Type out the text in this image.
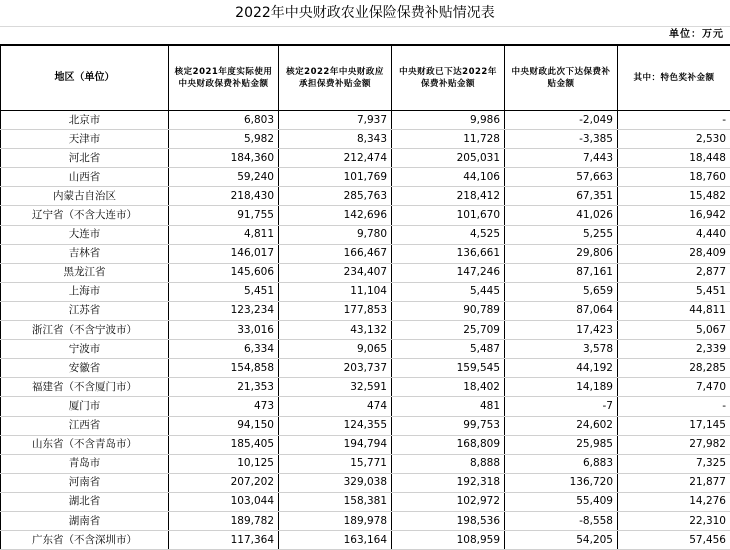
2022年中央财政农业保险保费补贴情况表
单位：万元
地区（单位）	核定2021年度实际使用中央财政保费补贴金额	核定2022年中央财政应承担保费补贴金额	中央财政已下达2022年保费补贴金额	中央财政此次下达保费补贴金额	其中：特色奖补金额
北京市	6,803	7,937	9,986	-2,049	-
天津市	5,982	8,343	11,728	-3,385	2,530
河北省	184,360	212,474	205,031	7,443	18,448
山西省	59,240	101,769	44,106	57,663	18,760
内蒙古自治区	218,430	285,763	218,412	67,351	15,482
辽宁省（不含大连市）	91,755	142,696	101,670	41,026	16,942
大连市	4,811	9,780	4,525	5,255	4,440
吉林省	146,017	166,467	136,661	29,806	28,409
黑龙江省	145,606	234,407	147,246	87,161	2,877
上海市	5,451	11,104	5,445	5,659	5,451
江苏省	123,234	177,853	90,789	87,064	44,811
浙江省（不含宁波市）	33,016	43,132	25,709	17,423	5,067
宁波市	6,334	9,065	5,487	3,578	2,339
安徽省	154,858	203,737	159,545	44,192	28,285
福建省（不含厦门市）	21,353	32,591	18,402	14,189	7,470
厦门市	473	474	481	-7	-
江西省	94,150	124,355	99,753	24,602	17,145
山东省（不含青岛市）	185,405	194,794	168,809	25,985	27,982
青岛市	10,125	15,771	8,888	6,883	7,325
河南省	207,202	329,038	192,318	136,720	21,877
湖北省	103,044	158,381	102,972	55,409	14,276
湖南省	189,782	189,978	198,536	-8,558	22,310
广东省（不含深圳市）	117,364	163,164	108,959	54,205	57,456
